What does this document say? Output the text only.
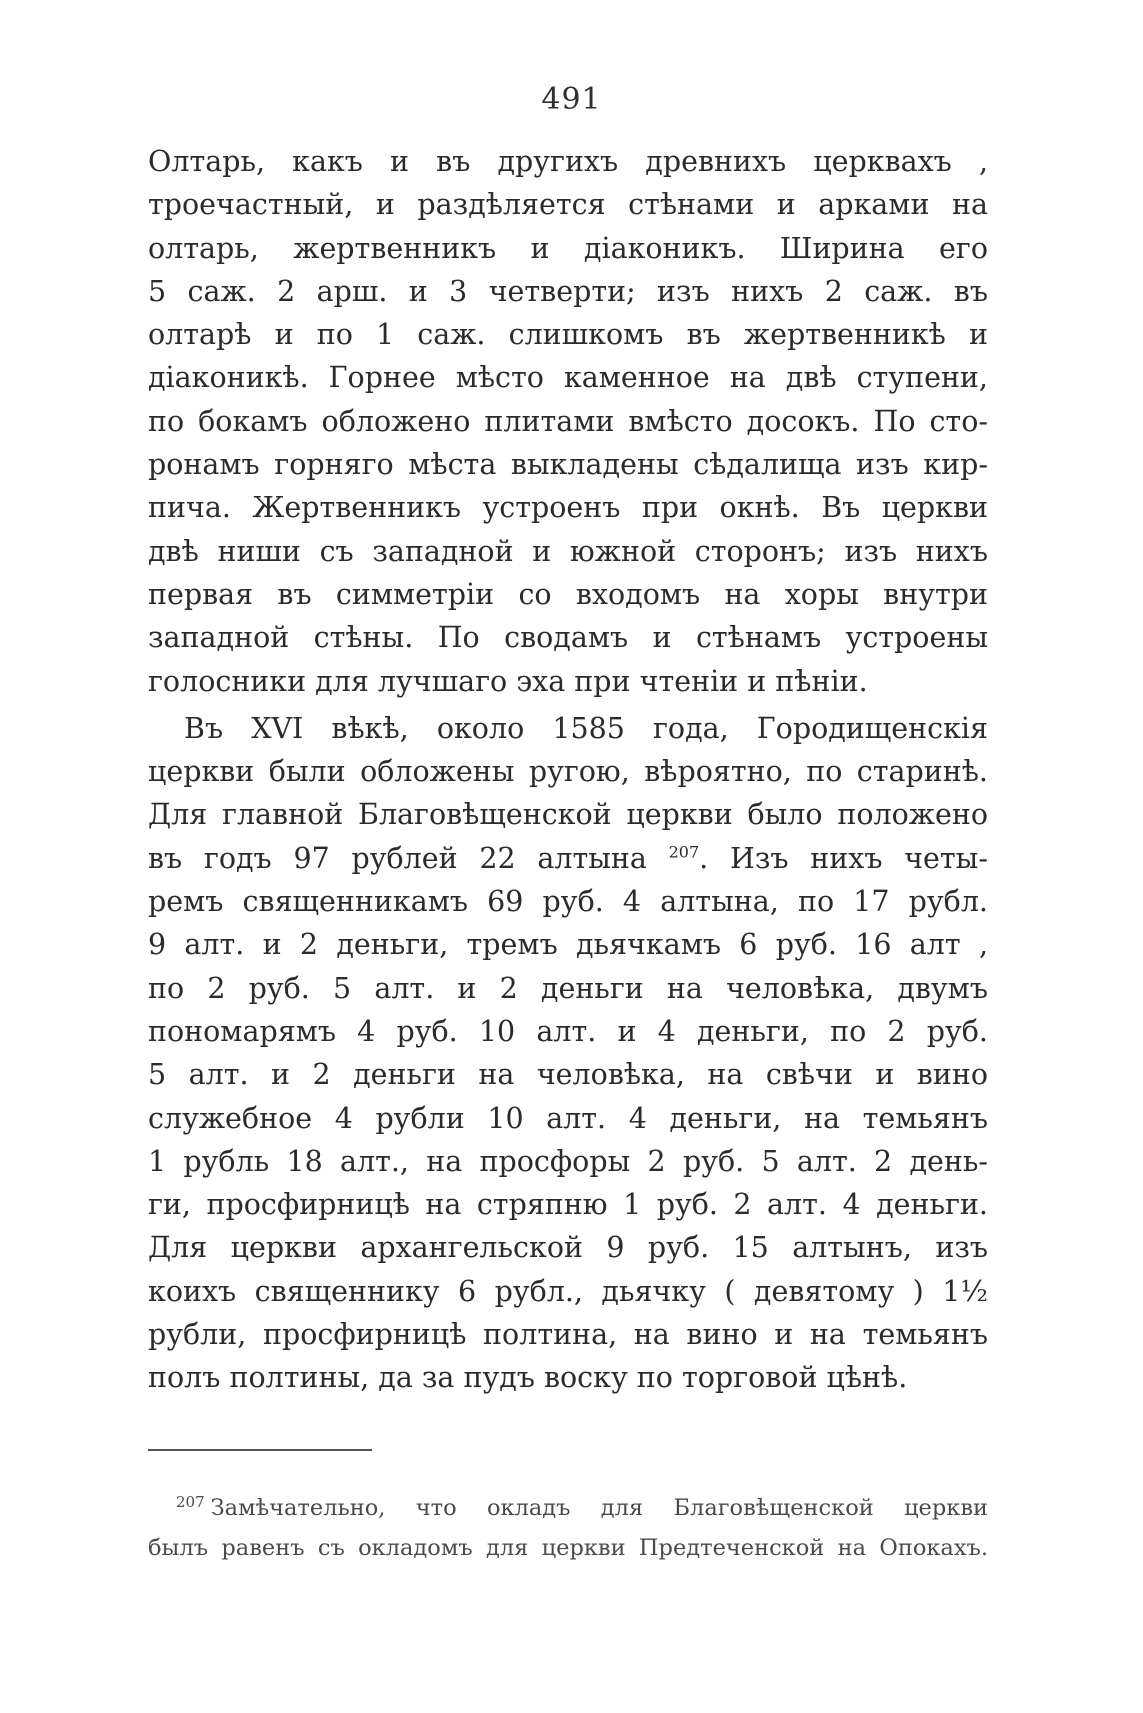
491
Олтарь, какъ и въ другихъ древнихъ церквахъ ,
троечастный, и раздѣляется стѣнами и арками на
олтарь, жертвенникъ и діаконикъ. Ширина его
5 саж. 2 арш. и 3 четверти; изъ нихъ 2 саж. въ
олтарѣ и по 1 саж. слишкомъ въ жертвенникѣ и
діаконикѣ. Горнее мѣсто каменное на двѣ ступени,
по бокамъ обложено плитами вмѣсто досокъ. По сто-
ронамъ горняго мѣста выкладены сѣдалища изъ кир-
пича. Жертвенникъ устроенъ при окнѣ. Въ церкви
двѣ ниши съ западной и южной сторонъ; изъ нихъ
первая въ симметріи со входомъ на хоры внутри
западной стѣны. По сводамъ и стѣнамъ устроены
голосники для лучшаго эха при чтеніи и пѣніи.
Въ XVI вѣкѣ, около 1585 года, Городищенскія
церкви были обложены ругою, вѣроятно, по старинѣ.
Для главной Благовѣщенской церкви было положено
въ годъ 97 рублей 22 алтына $^{207}$. Изъ нихъ четы-
ремъ священникамъ 69 руб. 4 алтына, по 17 рубл.
9 алт. и 2 деньги, тремъ дьячкамъ 6 руб. 16 алт ,
по 2 руб. 5 алт. и 2 деньги на человѣка, двумъ
пономарямъ 4 руб. 10 алт. и 4 деньги, по 2 руб.
5 алт. и 2 деньги на человѣка, на свѣчи и вино
служебное 4 рубли 10 алт. 4 деньги, на темьянъ
1 рубль 18 алт., на просфоры 2 руб. 5 алт. 2 день-
ги, просфирницѣ на стряпню 1 руб. 2 алт. 4 деньги.
Для церкви архангельской 9 руб. 15 алтынъ, изъ
коихъ священнику 6 рубл., дьячку ( девятому ) 1½
рубли, просфирницѣ полтина, на вино и на темьянъ
полъ полтины, да за пудъ воску по торговой цѣнѣ.
$^{207}$ Замѣчательно, что окладъ для Благовѣщенской церкви
былъ равенъ съ окладомъ для церкви Предтеченской на Опокахъ.
